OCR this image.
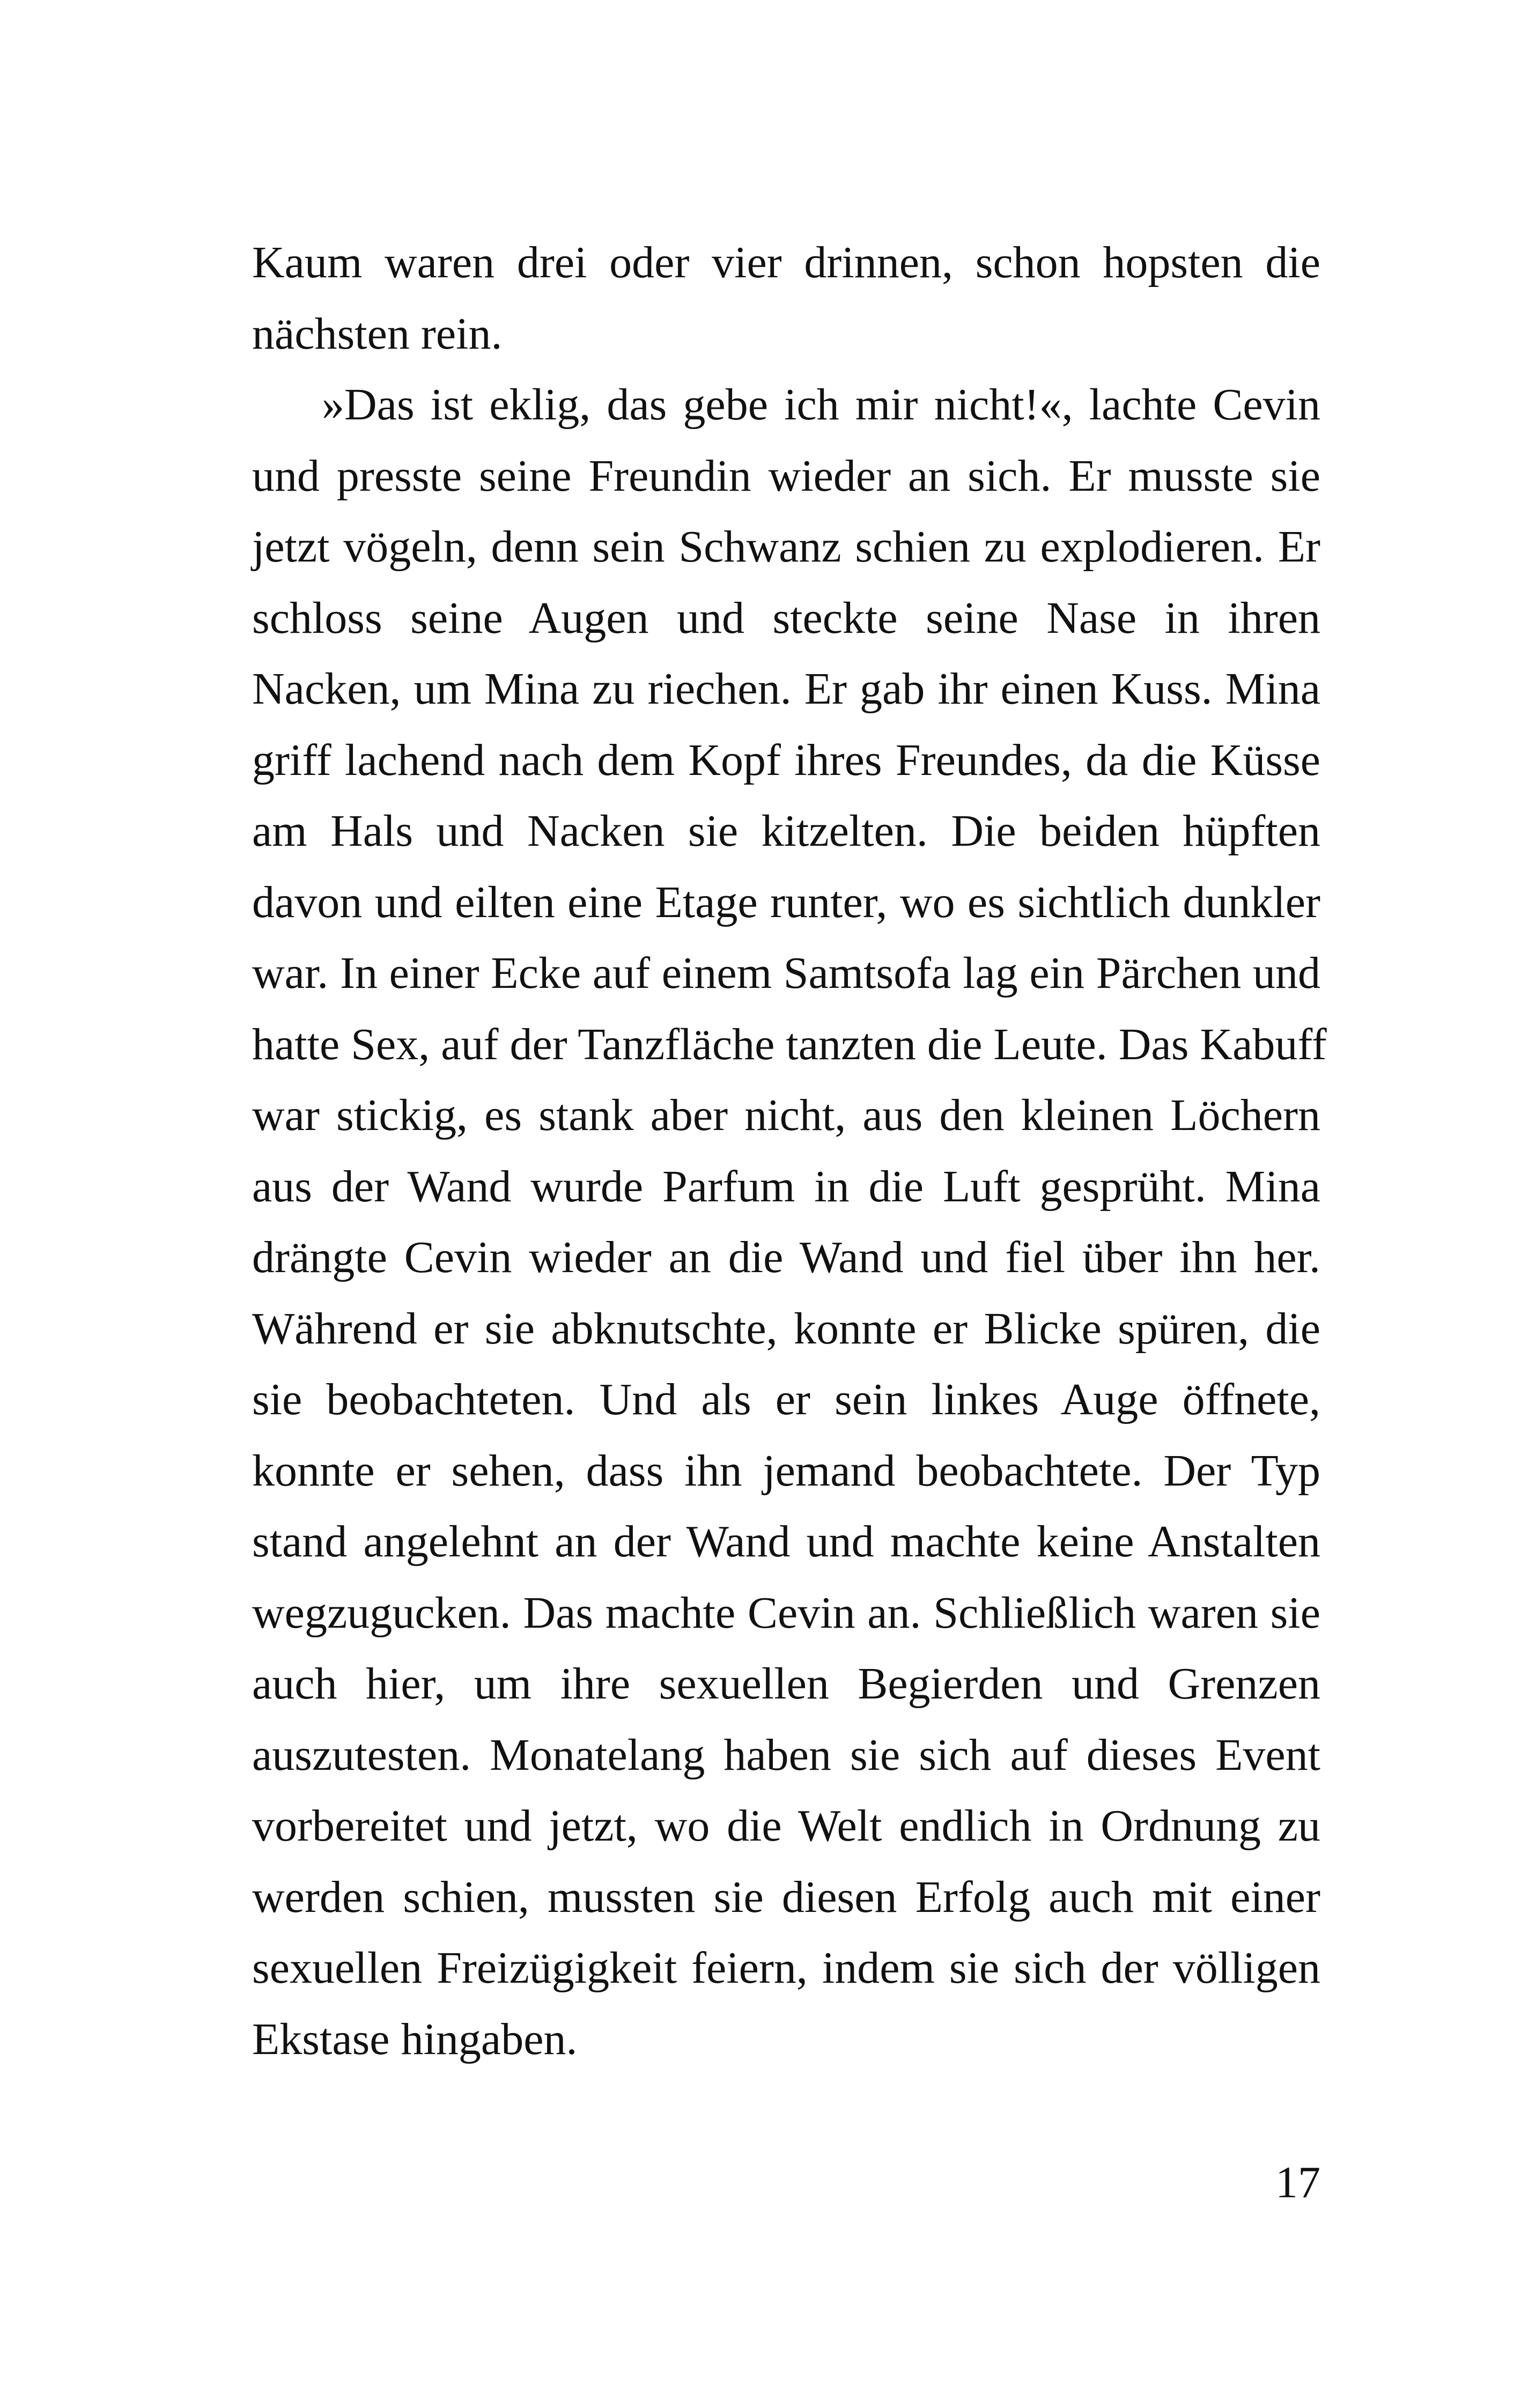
Kaum waren drei oder vier drinnen, schon hopsten die
nächsten rein.
»Das ist eklig, das gebe ich mir nicht!«, lachte Cevin
und presste seine Freundin wieder an sich. Er musste sie
jetzt vögeln, denn sein Schwanz schien zu explodieren. Er
schloss seine Augen und steckte seine Nase in ihren
Nacken, um Mina zu riechen. Er gab ihr einen Kuss. Mina
griff lachend nach dem Kopf ihres Freundes, da die Küsse
am Hals und Nacken sie kitzelten. Die beiden hüpften
davon und eilten eine Etage runter, wo es sichtlich dunkler
war. In einer Ecke auf einem Samtsofa lag ein Pärchen und
hatte Sex, auf der Tanzfläche tanzten die Leute. Das Kabuff
war stickig, es stank aber nicht, aus den kleinen Löchern
aus der Wand wurde Parfum in die Luft gesprüht. Mina
drängte Cevin wieder an die Wand und fiel über ihn her.
Während er sie abknutschte, konnte er Blicke spüren, die
sie beobachteten. Und als er sein linkes Auge öffnete,
konnte er sehen, dass ihn jemand beobachtete. Der Typ
stand angelehnt an der Wand und machte keine Anstalten
wegzugucken. Das machte Cevin an. Schließlich waren sie
auch hier, um ihre sexuellen Begierden und Grenzen
auszutesten. Monatelang haben sie sich auf dieses Event
vorbereitet und jetzt, wo die Welt endlich in Ordnung zu
werden schien, mussten sie diesen Erfolg auch mit einer
sexuellen Freizügigkeit feiern, indem sie sich der völligen
Ekstase hingaben.
17
